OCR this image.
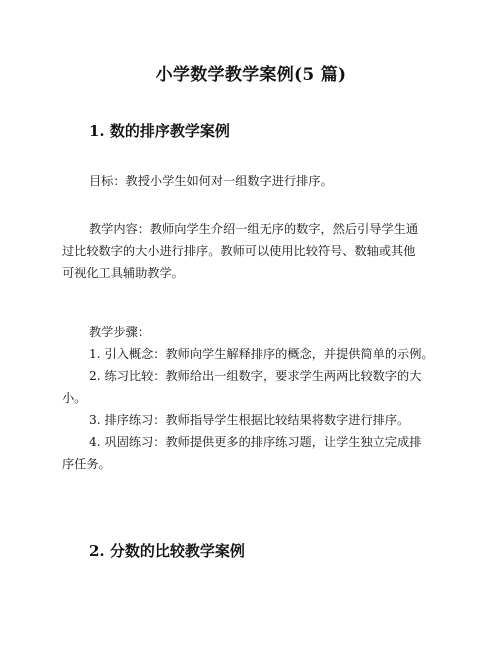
小学数学教学案例(5 篇)
1. 数的排序教学案例
目标：教授小学生如何对一组数字进行排序。
教学内容：教师向学生介绍一组无序的数字，然后引导学生通
过比较数字的大小进行排序。教师可以使用比较符号、数轴或其他
可视化工具辅助教学。
教学步骤：
1. 引入概念：教师向学生解释排序的概念，并提供简单的示例。
2. 练习比较：教师给出一组数字，要求学生两两比较数字的大
小。
3. 排序练习：教师指导学生根据比较结果将数字进行排序。
4. 巩固练习：教师提供更多的排序练习题，让学生独立完成排
序任务。
2. 分数的比较教学案例
